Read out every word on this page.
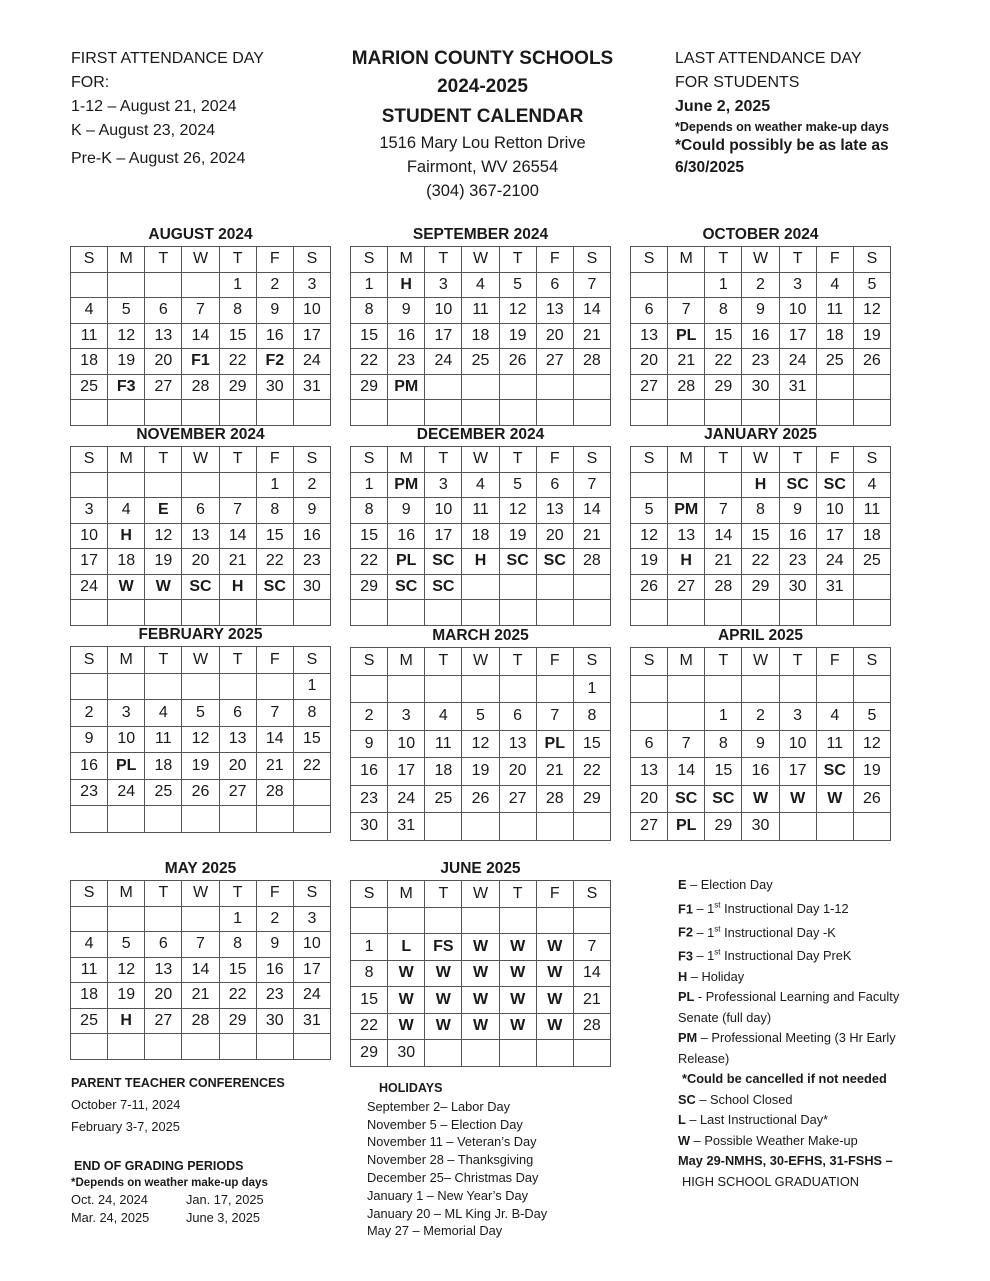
FIRST ATTENDANCE DAY
FOR:
1-12 – August 21, 2024
K – August 23, 2024
Pre-K – August 26, 2024
MARION COUNTY SCHOOLS
2024-2025
STUDENT CALENDAR
1516 Mary Lou Retton Drive
Fairmont, WV 26554
(304) 367-2100
LAST ATTENDANCE DAY
FOR STUDENTS
June 2, 2025
*Depends on weather make-up days
*Could possibly be as late as
6/30/2025
AUGUST 2024
S	M	T	W	T	F	S
				1	2	3
4	5	6	7	8	9	10
11	12	13	14	15	16	17
18	19	20	F1	22	F2	24
25	F3	27	28	29	30	31

SEPTEMBER 2024
S	M	T	W	T	F	S
1	H	3	4	5	6	7
8	9	10	11	12	13	14
15	16	17	18	19	20	21
22	23	24	25	26	27	28
29	PM					

OCTOBER 2024
S	M	T	W	T	F	S
		1	2	3	4	5
6	7	8	9	10	11	12
13	PL	15	16	17	18	19
20	21	22	23	24	25	26
27	28	29	30	31		

NOVEMBER 2024
S	M	T	W	T	F	S
					1	2
3	4	E	6	7	8	9
10	H	12	13	14	15	16
17	18	19	20	21	22	23
24	W	W	SC	H	SC	30

DECEMBER 2024
S	M	T	W	T	F	S
1	PM	3	4	5	6	7
8	9	10	11	12	13	14
15	16	17	18	19	20	21
22	PL	SC	H	SC	SC	28
29	SC	SC				

JANUARY 2025
S	M	T	W	T	F	S
			H	SC	SC	4
5	PM	7	8	9	10	11
12	13	14	15	16	17	18
19	H	21	22	23	24	25
26	27	28	29	30	31	

FEBRUARY 2025
S	M	T	W	T	F	S
						1
2	3	4	5	6	7	8
9	10	11	12	13	14	15
16	PL	18	19	20	21	22
23	24	25	26	27	28	

MARCH 2025
S	M	T	W	T	F	S
						1
2	3	4	5	6	7	8
9	10	11	12	13	PL	15
16	17	18	19	20	21	22
23	24	25	26	27	28	29
30	31					
APRIL 2025
S	M	T	W	T	F	S

		1	2	3	4	5
6	7	8	9	10	11	12
13	14	15	16	17	SC	19
20	SC	SC	W	W	W	26
27	PL	29	30			
MAY 2025
S	M	T	W	T	F	S
				1	2	3
4	5	6	7	8	9	10
11	12	13	14	15	16	17
18	19	20	21	22	23	24
25	H	27	28	29	30	31

JUNE 2025
S	M	T	W	T	F	S

1	L	FS	W	W	W	7
8	W	W	W	W	W	14
15	W	W	W	W	W	21
22	W	W	W	W	W	28
29	30					
E – Election Day
F1 – 1st Instructional Day 1-12
F2 – 1st Instructional Day -K
F3 – 1st Instructional Day PreK
H – Holiday
PL - Professional Learning and Faculty Senate (full day)
PM – Professional Meeting (3 Hr Early Release)
*Could be cancelled if not needed
SC – School Closed
L – Last Instructional Day*
W – Possible Weather Make-up
May 29-NMHS, 30-EFHS, 31-FSHS –
HIGH SCHOOL GRADUATION
PARENT TEACHER CONFERENCES
October 7-11, 2024
February 3-7, 2025
END OF GRADING PERIODS
*Depends on weather make-up days
Oct. 24, 2024	Jan. 17, 2025
Mar. 24, 2025	June 3, 2025
HOLIDAYS
September 2– Labor Day
November 5 – Election Day
November 11 – Veteran’s Day
November 28 – Thanksgiving
December 25– Christmas Day
January 1 – New Year’s Day
January 20 – ML King Jr. B-Day
May 27 – Memorial Day
